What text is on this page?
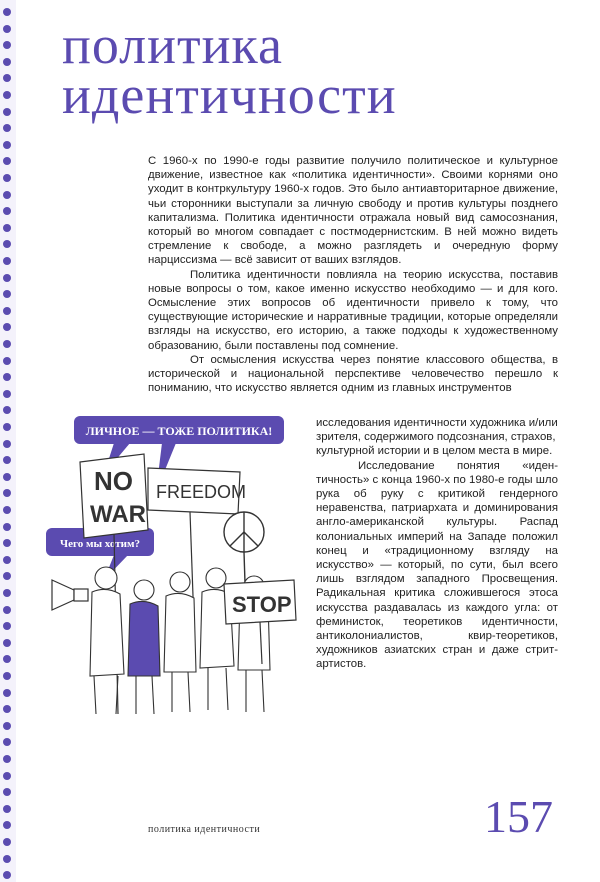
политика
идентичности

С 1960-х по 1990-е годы развитие получило политическое и культурное движение, известное как «политика идентичности». Своими корнями оно уходит в контркультуру 1960-х годов. Это было антиавторитарное движение, чьи сторонники выступали за личную свободу и против культуры позднего капитализма. Политика идентичности отражала новый вид самосознания, который во многом совпадает с постмодернистским. В ней можно видеть стремление к свободе, а можно разглядеть и очередную форму нарциссизма — всё зависит от ваших взглядов.

Политика идентичности повлияла на теорию искусства, поставив новые вопросы о том, какое именно искусство необходимо — и для кого. Осмысление этих вопросов об идентичности привело к тому, что существующие исторические и нарративные традиции, которые определяли взгляды на искусство, его историю, а также подходы к художественному образованию, были поставлены под сомнение.

От осмысления искусства через понятие классового общества, в исторической и национальной перспективе человечество перешло к пониманию, что искусство является одним из главных инструментов

исследования идентичности художника и/или зрителя, содержимого подсознания, страхов, культурной истории и в целом места в мире.

Исследование понятия «идентичность» с конца 1960-х по 1980-е годы шло рука об руку с критикой гендерного неравенства, патриархата и доминирования англо-американской культуры. Распад колониальных империй на Западе положил конец и «традиционному взгляду на искусство» — который, по сути, был всего лишь взглядом западного Просвещения. Радикальная критика сложившегося этоса искусства раздавалась из каждого угла: от феминисток, теоретиков идентичности, антиколониалистов, квир-теоретиков, художников азиатских стран и даже стрит-артистов.

ЛИЧНОЕ — ТОЖЕ ПОЛИТИКА!
Чего мы хотим?
NO
WAR
FREEDOM
STOP
политика идентичности	157
